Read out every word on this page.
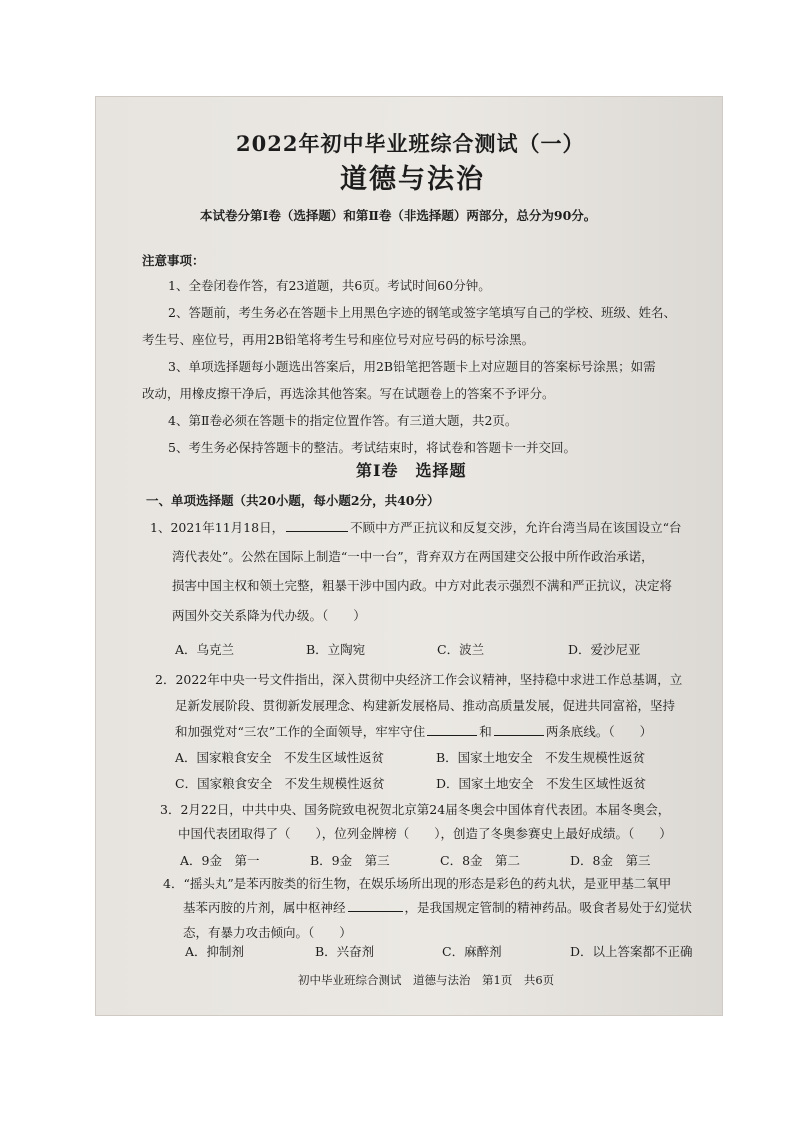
2022年初中毕业班综合测试（一）
道德与法治
本试卷分第Ⅰ卷（选择题）和第Ⅱ卷（非选择题）两部分，总分为90分。
注意事项：
1、全卷闭卷作答，有23道题，共6页。考试时间60分钟。
2、答题前，考生务必在答题卡上用黑色字迹的钢笔或签字笔填写自己的学校、班级、姓名、
考生号、座位号，再用2B铅笔将考生号和座位号对应号码的标号涂黑。
3、单项选择题每小题选出答案后，用2B铅笔把答题卡上对应题目的答案标号涂黑；如需
改动，用橡皮擦干净后，再选涂其他答案。写在试题卷上的答案不予评分。
4、第Ⅱ卷必须在答题卡的指定位置作答。有三道大题，共2页。
5、考生务必保持答题卡的整洁。考试结束时，将试卷和答题卡一并交回。
第Ⅰ卷　选择题
一、单项选择题（共20小题，每小题2分，共40分）
1、2021年11月18日，	不顾中方严正抗议和反复交涉，允许台湾当局在该国设立“台
湾代表处”。公然在国际上制造“一中一台”，背弃双方在两国建交公报中所作政治承诺，
损害中国主权和领土完整，粗暴干涉中国内政。中方对此表示强烈不满和严正抗议，决定将
两国外交关系降为代办级。（　　）
A．乌克兰	B．立陶宛	C．波兰	D．爱沙尼亚
2．2022年中央一号文件指出，深入贯彻中央经济工作会议精神，坚持稳中求进工作总基调，立
足新发展阶段、贯彻新发展理念、构建新发展格局、推动高质量发展，促进共同富裕，坚持
和加强党对“三农”工作的全面领导，牢牢守住	和	两条底线。（　　）
A．国家粮食安全　不发生区域性返贫	B．国家土地安全　不发生规模性返贫
C．国家粮食安全　不发生规模性返贫	D．国家土地安全　不发生区域性返贫
3．2月22日，中共中央、国务院致电祝贺北京第24届冬奥会中国体育代表团。本届冬奥会，
中国代表团取得了（　　），位列金牌榜（　　），创造了冬奥参赛史上最好成绩。（　　）
A．9金　第一	B．9金　第三	C．8金　第二	D．8金　第三
4．“摇头丸”是苯丙胺类的衍生物，在娱乐场所出现的形态是彩色的药丸状，是亚甲基二氧甲
基苯丙胺的片剂，属中枢神经	，是我国规定管制的精神药品。吸食者易处于幻觉状
态，有暴力攻击倾向。（　　）
A．抑制剂	B．兴奋剂	C．麻醉剂	D．以上答案都不正确
初中毕业班综合测试　道德与法治　第1页　共6页
